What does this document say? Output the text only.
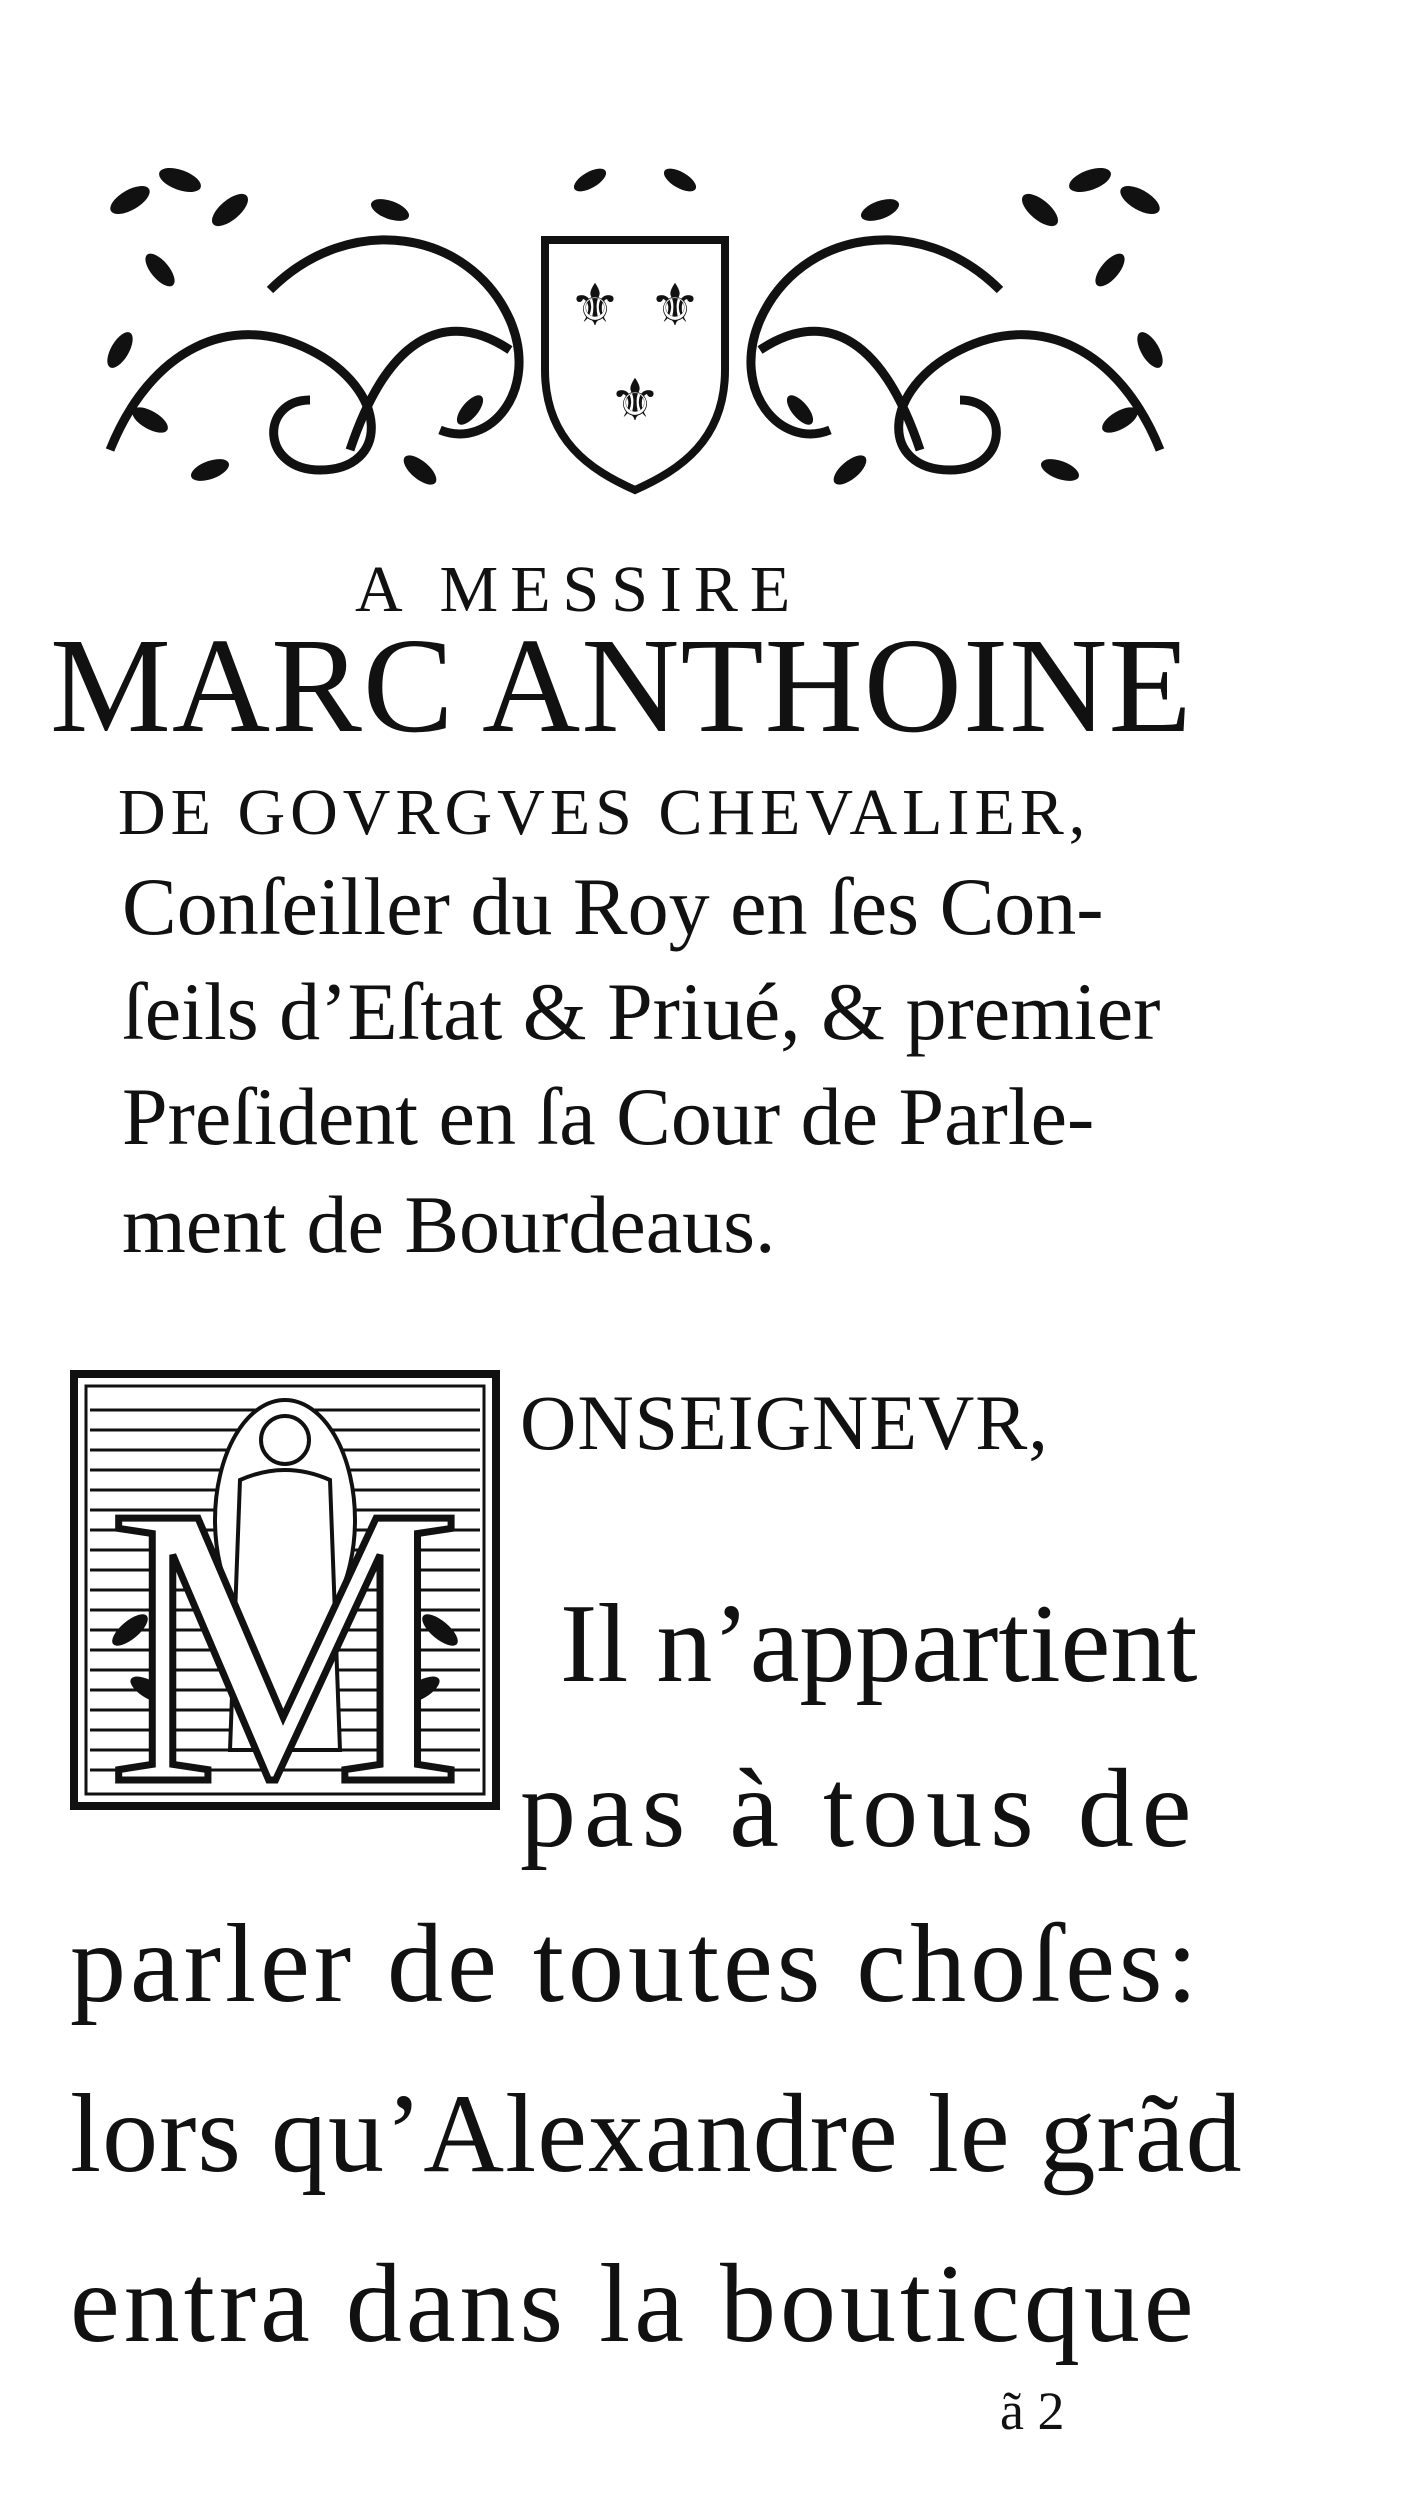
⚜ ⚜
⚜
A MESSIRE
MARC ANTHOINE
DE GOVRGVES CHEVALIER,
Conſeiller du Roy en ſes Con-
ſeils d’Eſtat & Priué, & premier
Preſident en ſa Cour de Parle-
ment de Bourdeaus.
M
ONSEIGNEVR,
Il n’appartient
pas à tous de
parler de toutes choſes:
lors qu’Alexandre le grãd
entra dans la bouticque
ã 2
